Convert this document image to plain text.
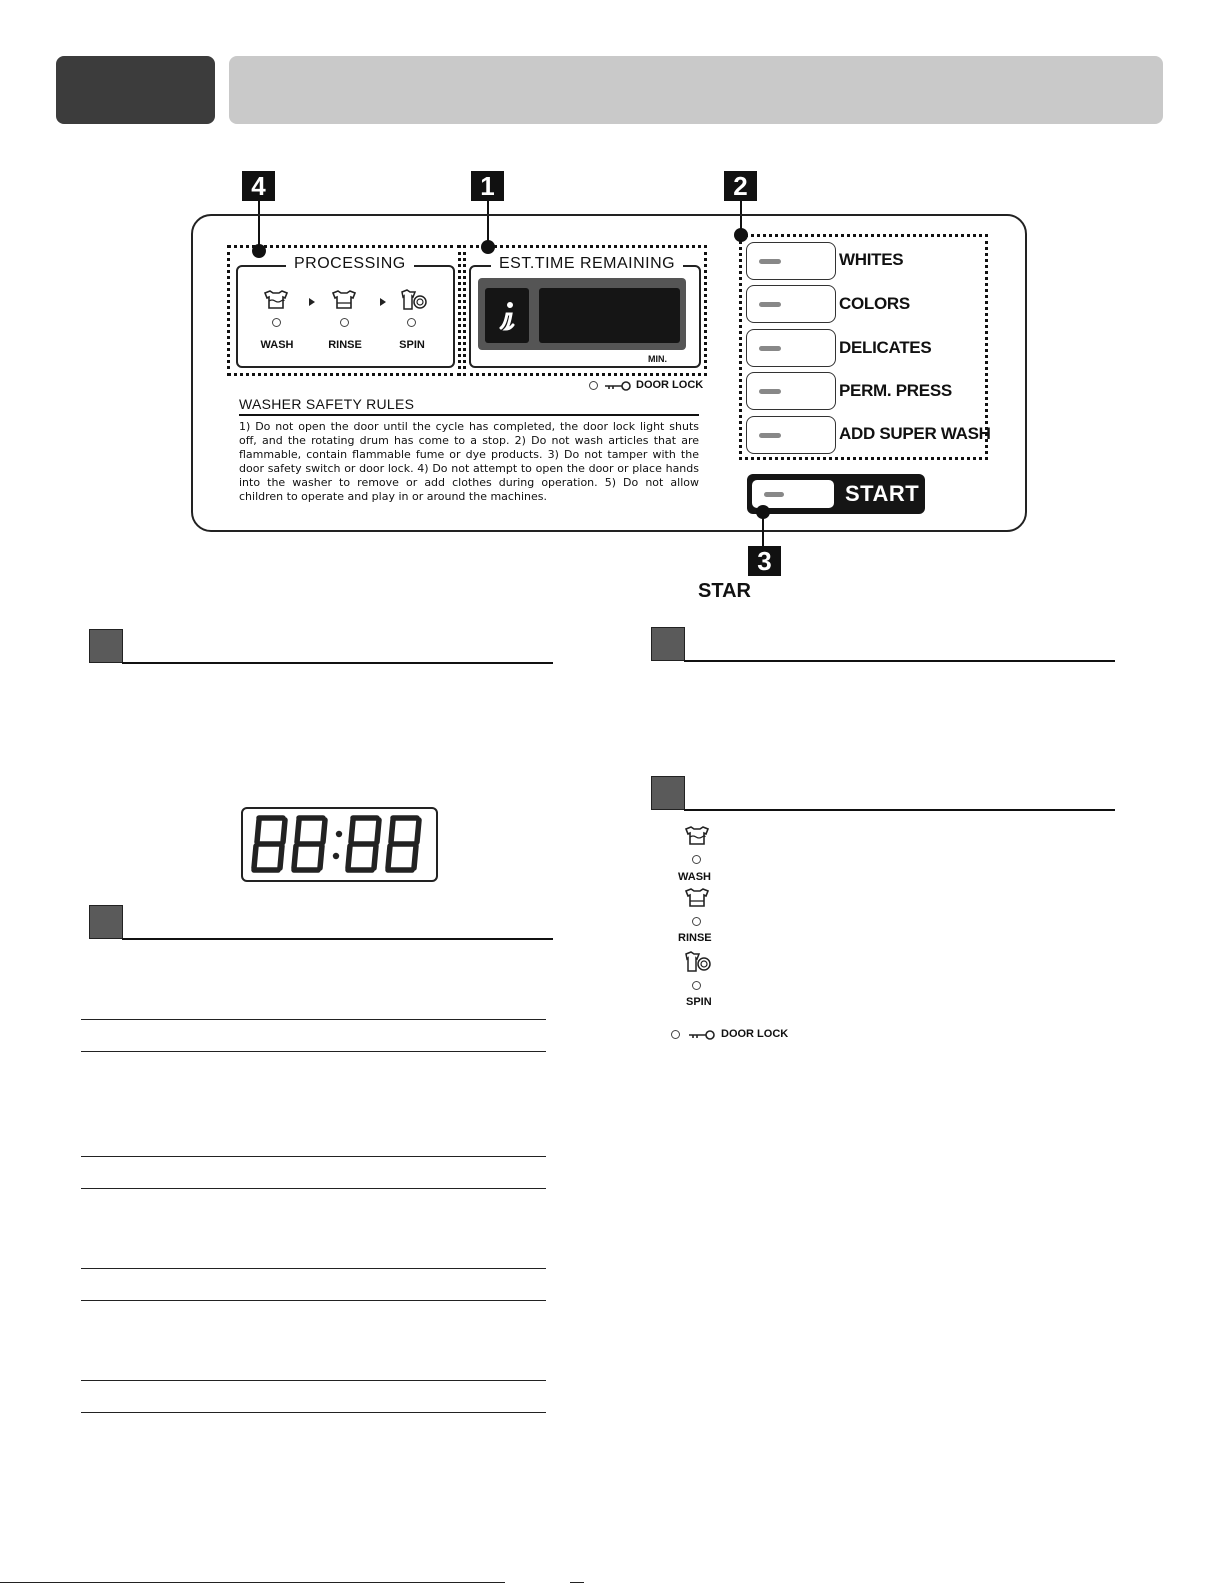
4	1	2
PROCESSING
WASH	RINSE	SPIN
EST.TIME REMAINING
MIN.
DOOR LOCK
WASHER SAFETY RULES
1) Do not open the door until the cycle has completed, the door lock light shuts off, and the rotating drum has come to a stop. 2) Do not wash articles that are flammable, contain flammable fume or dye products. 3) Do not tamper with the door safety switch or door lock. 4) Do not attempt to open the door or place hands into the washer to remove or add clothes during operation. 5) Do not allow children to operate and play in or around the machines.
WHITES
COLORS
DELICATES
PERM. PRESS
ADD SUPER WASH
START
3
STAR
WASH
RINSE
SPIN
DOOR LOCK
